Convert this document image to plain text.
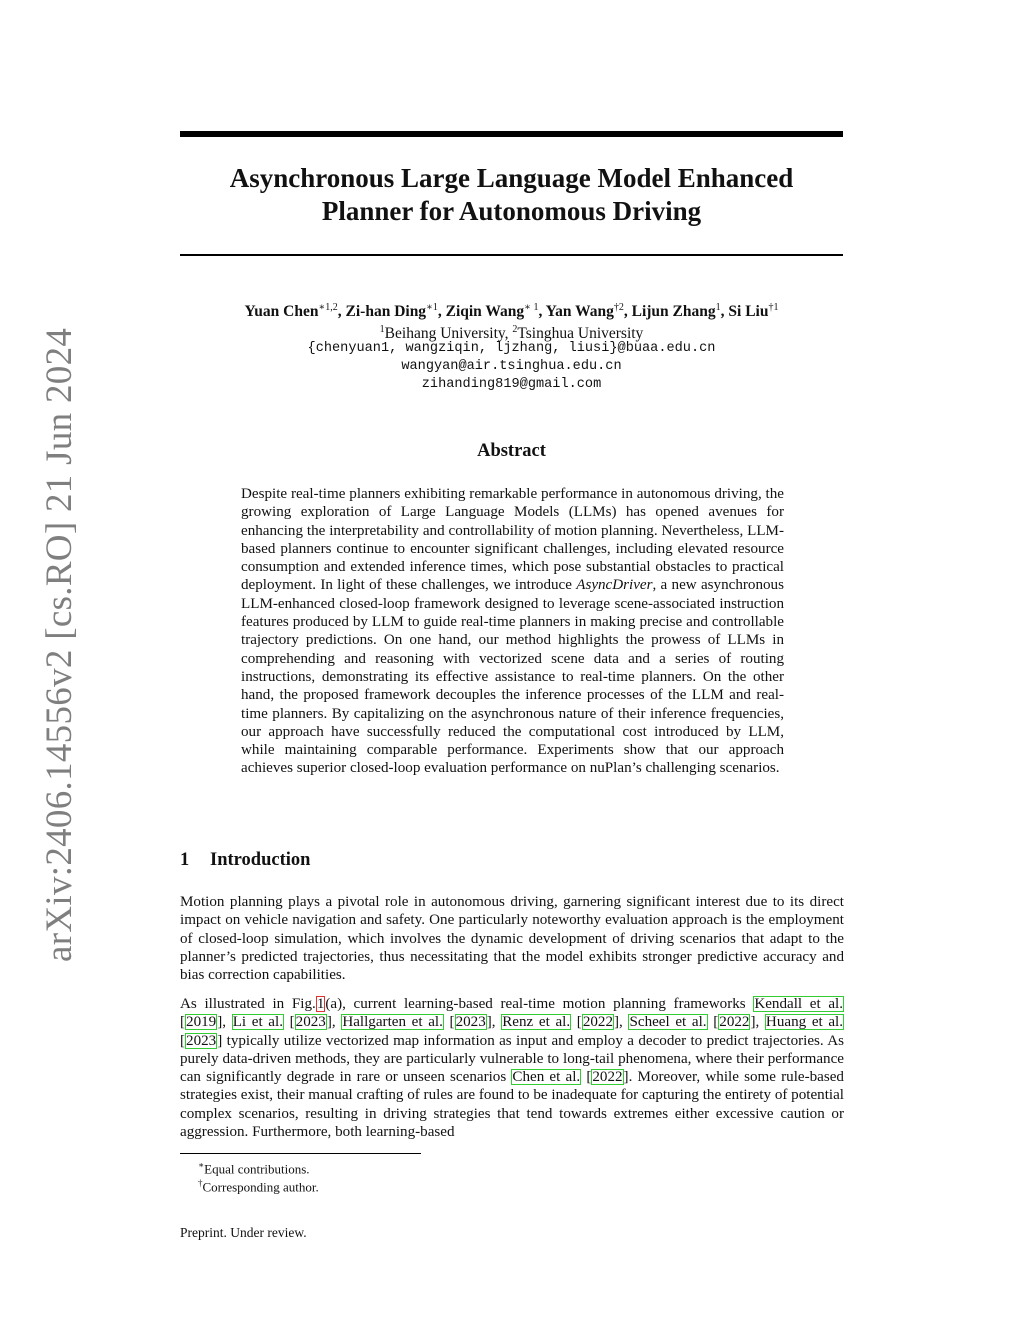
arXiv:2406.14556v2 [cs.RO] 21 Jun 2024
Asynchronous Large Language Model Enhanced
Planner for Autonomous Driving
Yuan Chen$^{∗1,2}$, Zi-han Ding$^{∗1}$, Ziqin Wang$^{∗ 1}$, Yan Wang$^{\dagger 2}$, Lijun Zhang$^1$, Si Liu$^{\dagger 1}$
$^1$Beihang University, $^2$Tsinghua University
{chenyuan1, wangziqin, ljzhang, liusi}@buaa.edu.cn
wangyan@air.tsinghua.edu.cn
zihanding819@gmail.com
Abstract

Despite real-time planners exhibiting remarkable performance in autonomous driving, the growing exploration of Large Language Models (LLMs) has opened avenues for enhancing the interpretability and controllability of motion planning. Nevertheless, LLM-based planners continue to encounter significant challenges, including elevated resource consumption and extended inference times, which pose substantial obstacles to practical deployment. In light of these challenges, we introduce AsyncDriver, a new asynchronous LLM-enhanced closed-loop framework designed to leverage scene-associated instruction features produced by LLM to guide real-time planners in making precise and controllable trajectory predictions. On one hand, our method highlights the prowess of LLMs in comprehending and reasoning with vectorized scene data and a series of routing instructions, demonstrating its effective assistance to real-time planners. On the other hand, the proposed framework decouples the inference processes of the LLM and real-time planners. By capitalizing on the asynchronous nature of their inference frequencies, our approach have successfully reduced the computational cost introduced by LLM, while maintaining comparable performance. Experiments show that our approach achieves superior closed-loop evaluation performance on nuPlan’s challenging scenarios.

1 Introduction

Motion planning plays a pivotal role in autonomous driving, garnering significant interest due to its direct impact on vehicle navigation and safety. One particularly noteworthy evaluation approach is the employment of closed-loop simulation, which involves the dynamic development of driving scenarios that adapt to the planner’s predicted trajectories, thus necessitating that the model exhibits stronger predictive accuracy and bias correction capabilities.

As illustrated in Fig.1(a), current learning-based real-time motion planning frameworks Kendall et al. [2019], Li et al. [2023], Hallgarten et al. [2023], Renz et al. [2022], Scheel et al. [2022], Huang et al. [2023] typically utilize vectorized map information as input and employ a decoder to predict trajectories. As purely data-driven methods, they are particularly vulnerable to long-tail phenomena, where their performance can significantly degrade in rare or unseen scenarios Chen et al. [2022]. Moreover, while some rule-based strategies exist, their manual crafting of rules are found to be inadequate for capturing the entirety of potential complex scenarios, resulting in driving strategies that tend towards extremes either excessive caution or aggression. Furthermore, both learning-based

∗Equal contributions.
†Corresponding author.
Preprint. Under review.
